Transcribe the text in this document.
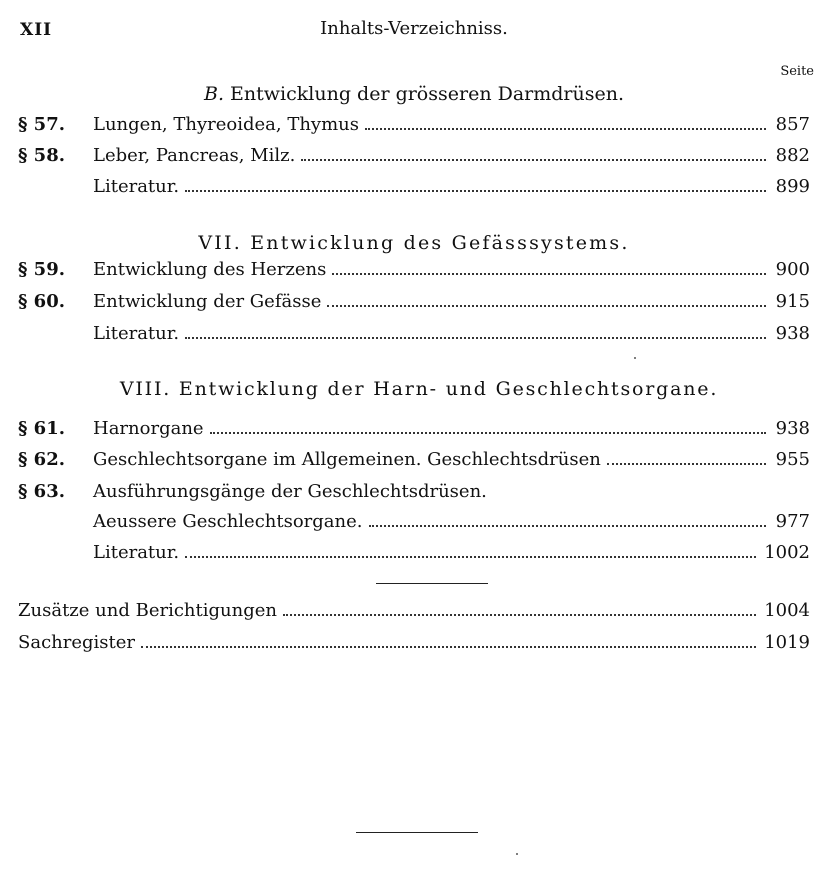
XII	Inhalts-Verzeichniss.
Seite
B. Entwicklung der grösseren Darmdrüsen.
§ 57.	Lungen, Thyreoidea, Thymus	857
§ 58.	Leber, Pancreas, Milz.	882
Literatur.	899
VII. Entwicklung des Gefässsystems.
§ 59.	Entwicklung des Herzens	900
§ 60.	Entwicklung der Gefässe	915
Literatur.	938
VIII. Entwicklung der Harn- und Geschlechtsorgane.
§ 61.	Harnorgane	938
§ 62.	Geschlechtsorgane im Allgemeinen. Geschlechtsdrüsen	955
§ 63.	Ausführungsgänge der Geschlechtsdrüsen.
Aeussere Geschlechtsorgane.	977
Literatur.	1002
Zusätze und Berichtigungen	1004
Sachregister	1019
